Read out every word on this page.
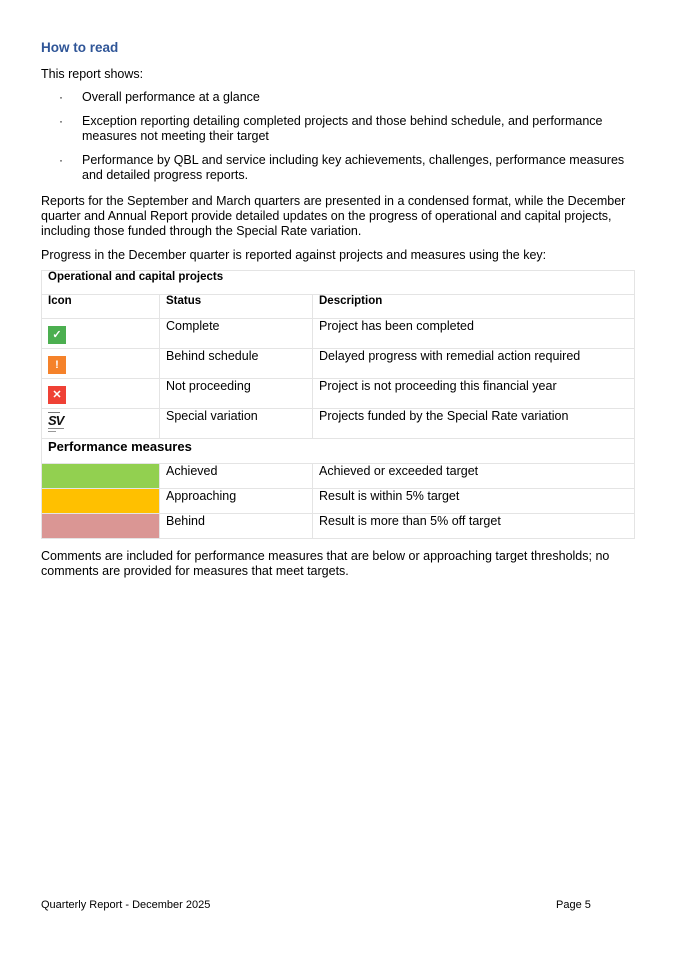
How to read

This report shows:

· Overall performance at a glance
· Exception reporting detailing completed projects and those behind schedule, and performance measures not meeting their target
· Performance by QBL and service including key achievements, challenges, performance measures and detailed progress reports.

Reports for the September and March quarters are presented in a condensed format, while the December quarter and Annual Report provide detailed updates on the progress of operational and capital projects, including those funded through the Special Rate variation.

Progress in the December quarter is reported against projects and measures using the key:

Operational and capital projects		
Icon	Status	Description
✓	Complete	Project has been completed
!	Behind schedule	Delayed progress with remedial action required
✕	Not proceeding	Project is not proceeding this financial year

SV	Special variation	Projects funded by the Special Rate variation
Performance measures		
	Achieved	Achieved or exceeded target
	Approaching	Result is within 5% target
	Behind	Result is more than 5% off target

Comments are included for performance measures that are below or approaching target thresholds; no comments are provided for measures that meet targets.

Quarterly Report - December 2025	Page 5
